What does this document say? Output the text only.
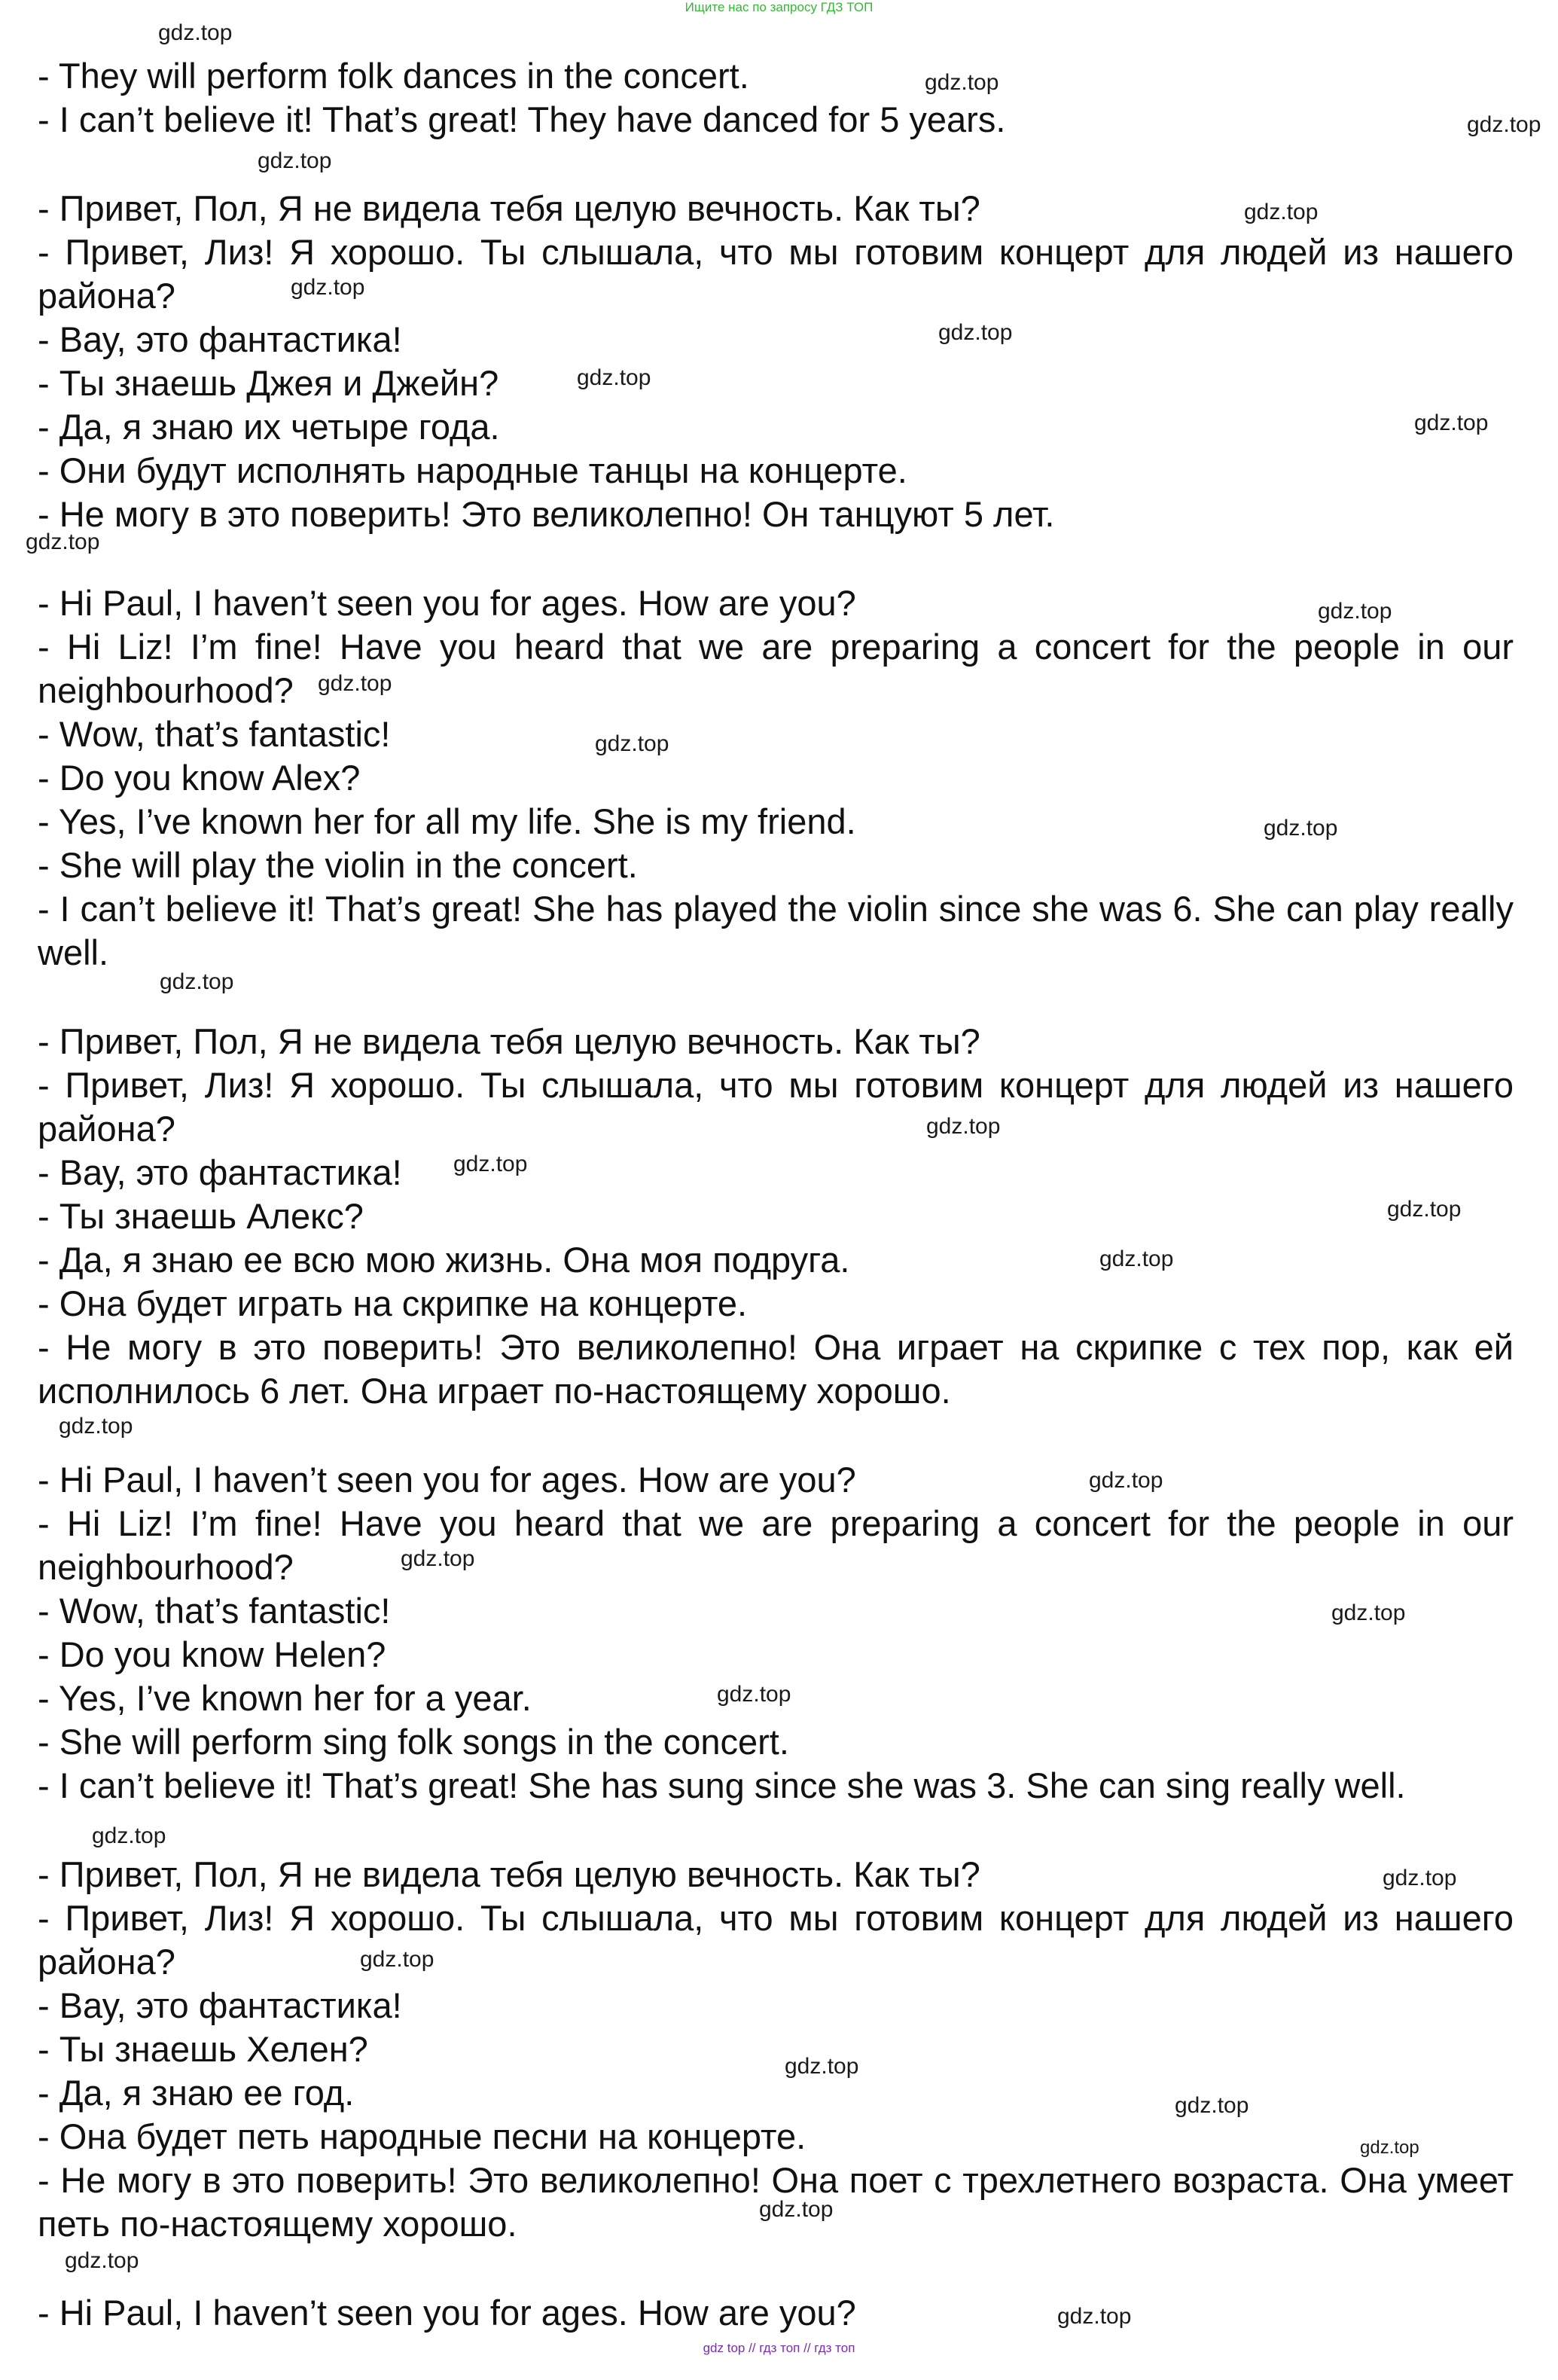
Ищите нас по запросу ГДЗ ТОП
- They will perform folk dances in the concert.
- I can’t believe it! That’s great! They have danced for 5 years.
- Привет, Пол, Я не видела тебя целую вечность. Как ты?
- Привет, Лиз! Я хорошо. Ты слышала, что мы готовим концерт для людей из нашего района?
- Вау, это фантастика!
- Ты знаешь Джея и Джейн?
- Да, я знаю их четыре года.
- Они будут исполнять народные танцы на концерте.
- Не могу в это поверить! Это великолепно! Он танцуют 5 лет.
- Hi Paul, I haven’t seen you for ages. How are you?
- Hi Liz! I’m fine! Have you heard that we are preparing a concert for the people in our neighbourhood?
- Wow, that’s fantastic!
- Do you know Alex?
- Yes, I’ve known her for all my life. She is my friend.
- She will play the violin in the concert.
- I can’t believe it! That’s great! She has played the violin since she was 6. She can play really well.
- Привет, Пол, Я не видела тебя целую вечность. Как ты?
- Привет, Лиз! Я хорошо. Ты слышала, что мы готовим концерт для людей из нашего района?
- Вау, это фантастика!
- Ты знаешь Алекс?
- Да, я знаю ее всю мою жизнь. Она моя подруга.
- Она будет играть на скрипке на концерте.
- Не могу в это поверить! Это великолепно! Она играет на скрипке с тех пор, как ей исполнилось 6 лет. Она играет по-настоящему хорошо.
- Hi Paul, I haven’t seen you for ages. How are you?
- Hi Liz! I’m fine! Have you heard that we are preparing a concert for the people in our neighbourhood?
- Wow, that’s fantastic!
- Do you know Helen?
- Yes, I’ve known her for a year.
- She will perform sing folk songs in the concert.
- I can’t believe it! That’s great! She has sung since she was 3. She can sing really well.
- Привет, Пол, Я не видела тебя целую вечность. Как ты?
- Привет, Лиз! Я хорошо. Ты слышала, что мы готовим концерт для людей из нашего района?
- Вау, это фантастика!
- Ты знаешь Хелен?
- Да, я знаю ее год.
- Она будет петь народные песни на концерте.
- Не могу в это поверить! Это великолепно! Она поет с трехлетнего возраста. Она умеет петь по-настоящему хорошо.
- Hi Paul, I haven’t seen you for ages. How are you?
gdz.top
gdz.top
gdz.top
gdz.top
gdz.top
gdz.top
gdz.top
gdz.top
gdz.top
gdz.top
gdz.top
gdz.top
gdz.top
gdz.top
gdz.top
gdz.top
gdz.top
gdz.top
gdz.top
gdz.top
gdz.top
gdz.top
gdz.top
gdz.top
gdz.top
gdz.top
gdz.top
gdz.top
gdz.top
gdz.top
gdz.top
gdz.top
gdz.top
gdz top // гдз топ // гдз топ
